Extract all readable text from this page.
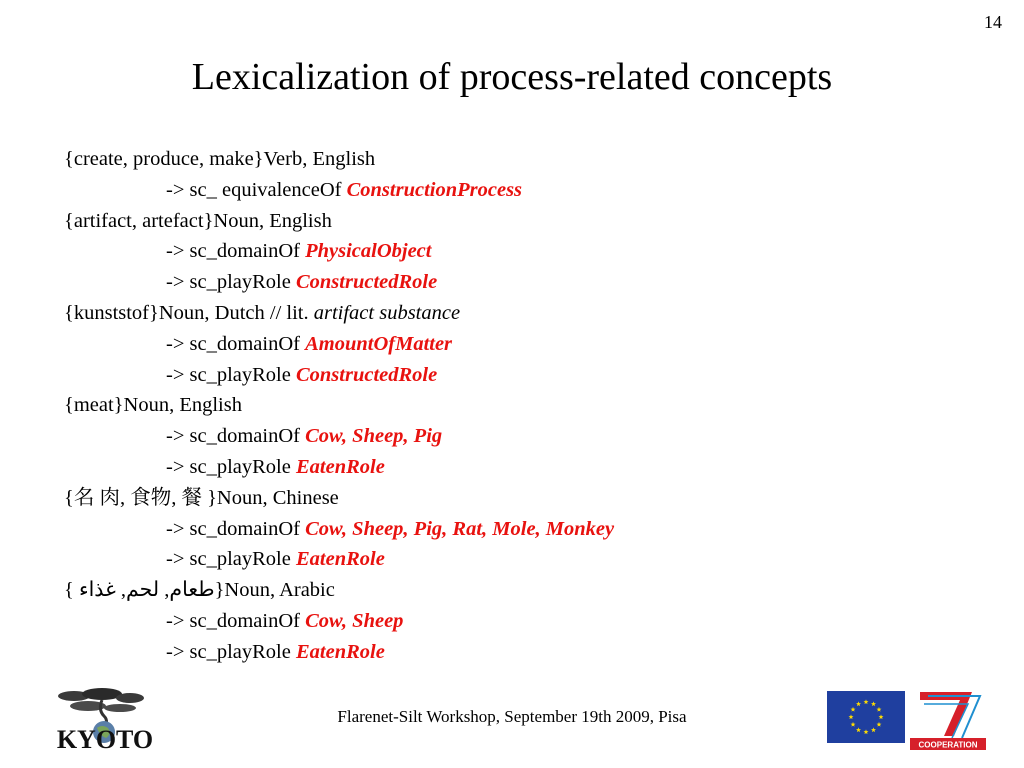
14
Lexicalization of process-related concepts
{create, produce, make}Verb, English
-> sc_ equivalenceOf ConstructionProcess
{artifact, artefact}Noun, English
-> sc_domainOf PhysicalObject
-> sc_playRole ConstructedRole
{kunststof}Noun, Dutch // lit. artifact substance
-> sc_domainOf AmountOfMatter
-> sc_playRole ConstructedRole
{meat}Noun, English
-> sc_domainOf Cow, Sheep, Pig
-> sc_playRole EatenRole
{名 肉, 食物, 餐 }Noun, Chinese
-> sc_domainOf Cow, Sheep, Pig, Rat, Mole, Monkey
-> sc_playRole EatenRole
{ طعام, لحم, غذاء}Noun, Arabic
-> sc_domainOf Cow, Sheep
-> sc_playRole EatenRole
KYOTO
Flarenet-Silt Workshop, September 19th 2009, Pisa
COOPERATION
